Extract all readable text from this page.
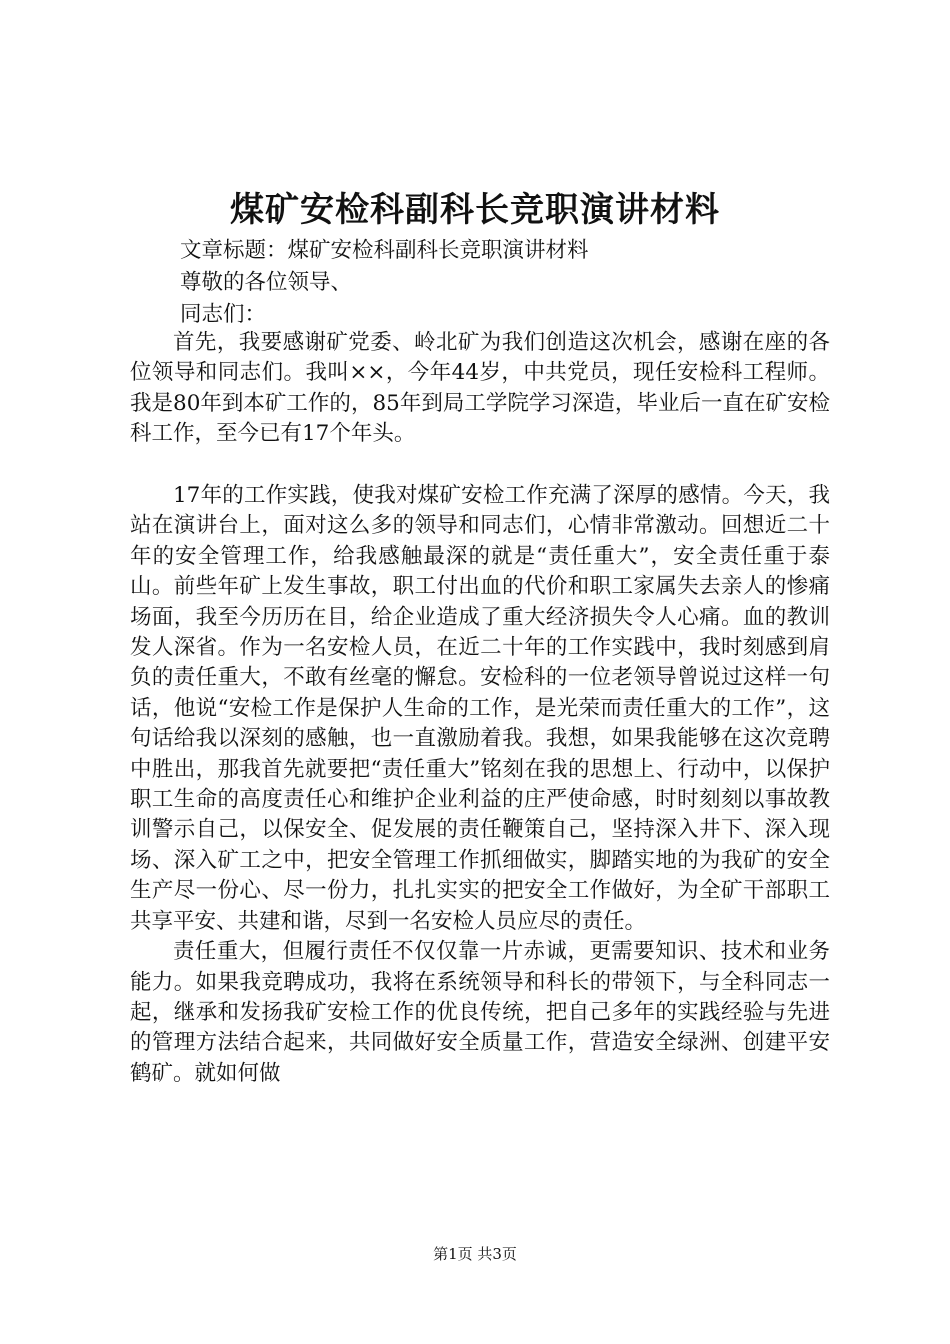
煤矿安检科副科长竞职演讲材料
文章标题：煤矿安检科副科长竞职演讲材料
尊敬的各位领导、
同志们：

首先，我要感谢矿党委、岭北矿为我们创造这次机会，感谢在座的各位领导和同志们。我叫××，今年44岁，中共党员，现任安检科工程师。我是80年到本矿工作的，85年到局工学院学习深造，毕业后一直在矿安检科工作，至今已有17个年头。

17年的工作实践，使我对煤矿安检工作充满了深厚的感情。今天，我站在演讲台上，面对这么多的领导和同志们，心情非常激动。回想近二十年的安全管理工作，给我感触最深的就是“责任重大”，安全责任重于泰山。前些年矿上发生事故，职工付出血的代价和职工家属失去亲人的惨痛场面，我至今历历在目，给企业造成了重大经济损失令人心痛。血的教训发人深省。作为一名安检人员，在近二十年的工作实践中，我时刻感到肩负的责任重大，不敢有丝毫的懈怠。安检科的一位老领导曾说过这样一句话，他说“安检工作是保护人生命的工作，是光荣而责任重大的工作”，这句话给我以深刻的感触，也一直激励着我。我想，如果我能够在这次竞聘中胜出，那我首先就要把“责任重大”铭刻在我的思想上、行动中，以保护职工生命的高度责任心和维护企业利益的庄严使命感，时时刻刻以事故教训警示自己，以保安全、促发展的责任鞭策自己，坚持深入井下、深入现场、深入矿工之中，把安全管理工作抓细做实，脚踏实地的为我矿的安全生产尽一份心、尽一份力，扎扎实实的把安全工作做好，为全矿干部职工共享平安、共建和谐，尽到一名安检人员应尽的责任。

责任重大，但履行责任不仅仅靠一片赤诚，更需要知识、技术和业务能力。如果我竞聘成功，我将在系统领导和科长的带领下，与全科同志一起，继承和发扬我矿安检工作的优良传统，把自己多年的实践经验与先进的管理方法结合起来，共同做好安全质量工作，营造安全绿洲、创建平安鹤矿。就如何做

第1页 共3页
